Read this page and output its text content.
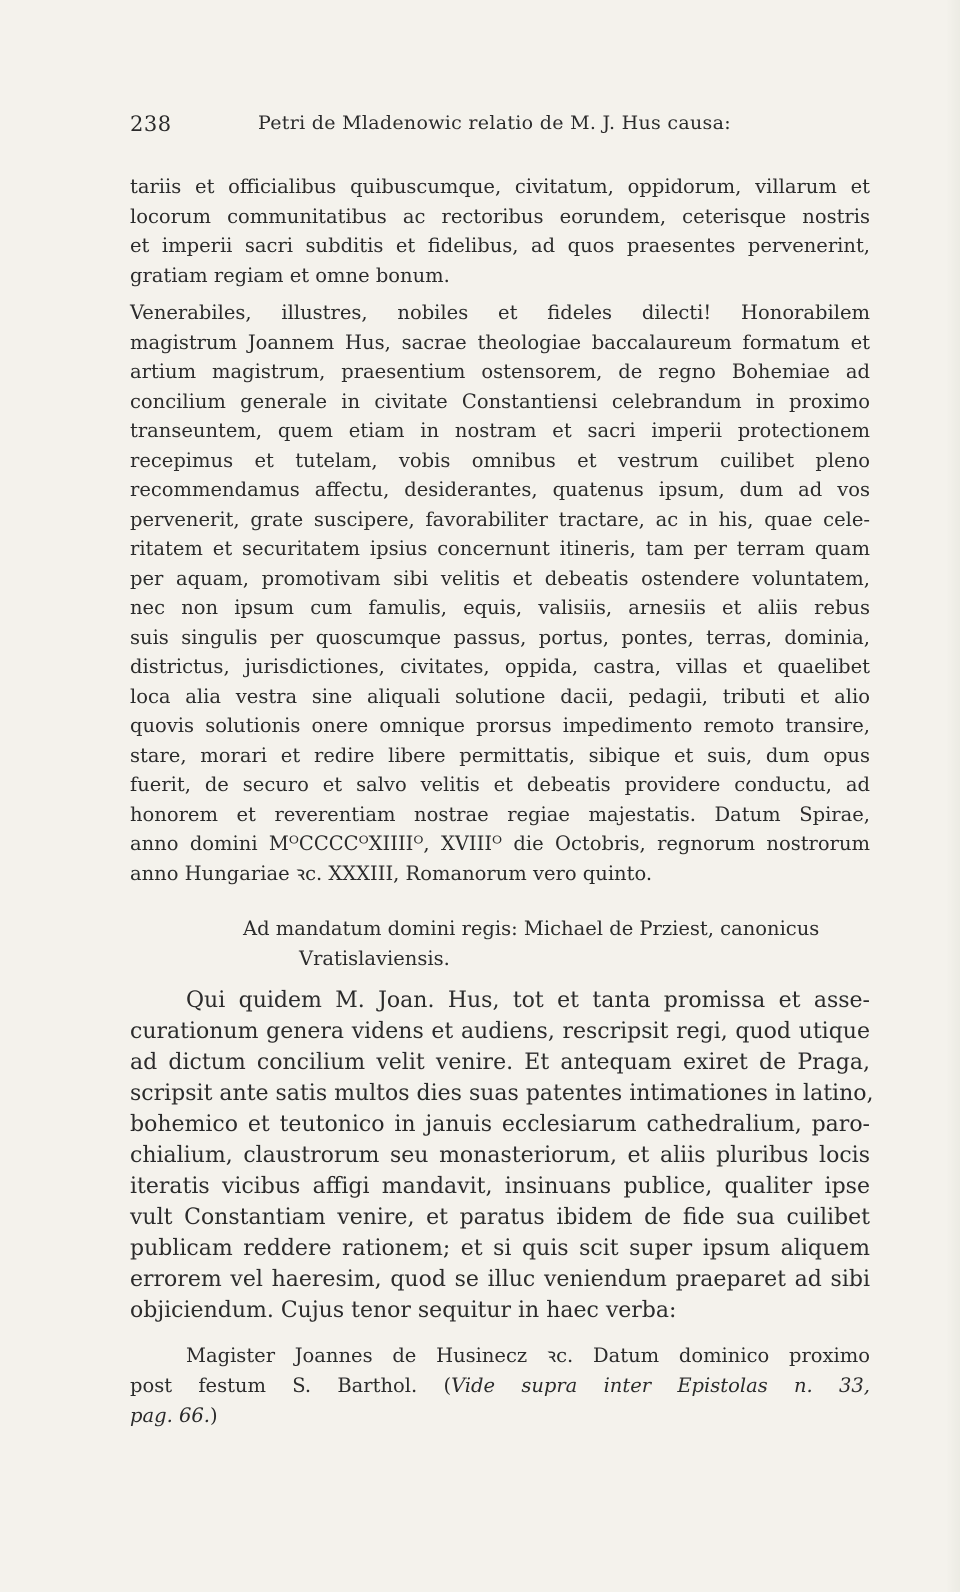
238	Petri de Mladenowic relatio de M. J. Hus causa:
tariis et officialibus quibuscumque, civitatum, oppidorum, villarum et
locorum communitatibus ac rectoribus eorundem, ceterisque nostris
et imperii sacri subditis et fidelibus, ad quos praesentes pervenerint,
gratiam regiam et omne bonum.
Venerabiles, illustres, nobiles et fideles dilecti! Honorabilem
magistrum Joannem Hus, sacrae theologiae baccalaureum formatum et
artium magistrum, praesentium ostensorem, de regno Bohemiae ad
concilium generale in civitate Constantiensi celebrandum in proximo
transeuntem, quem etiam in nostram et sacri imperii protectionem
recepimus et tutelam, vobis omnibus et vestrum cuilibet pleno
recommendamus affectu, desiderantes, quatenus ipsum, dum ad vos
pervenerit, grate suscipere, favorabiliter tractare, ac in his, quae cele-
ritatem et securitatem ipsius concernunt itineris, tam per terram quam
per aquam, promotivam sibi velitis et debeatis ostendere voluntatem,
nec non ipsum cum famulis, equis, valisiis, arnesiis et aliis rebus
suis singulis per quoscumque passus, portus, pontes, terras, dominia,
districtus, jurisdictiones, civitates, oppida, castra, villas et quaelibet
loca alia vestra sine aliquali solutione dacii, pedagii, tributi et alio
quovis solutionis onere omnique prorsus impedimento remoto transire,
stare, morari et redire libere permittatis, sibique et suis, dum opus
fuerit, de securo et salvo velitis et debeatis providere conductu, ad
honorem et reverentiam nostrae regiae majestatis. Datum Spirae,
anno domini MᴼCCCCᴼXIIIIᴼ, XVIIIᴼ die Octobris, regnorum nostrorum
anno Hungariae ꝛc. XXXIII, Romanorum vero quinto.
Ad mandatum domini regis: Michael de Prziest, canonicus
Vratislaviensis.
Qui quidem M. Joan. Hus, tot et tanta promissa et asse-
curationum genera videns et audiens, rescripsit regi, quod utique
ad dictum concilium velit venire. Et antequam exiret de Praga,
scripsit ante satis multos dies suas patentes intimationes in latino,
bohemico et teutonico in januis ecclesiarum cathedralium, paro-
chialium, claustrorum seu monasteriorum, et aliis pluribus locis
iteratis vicibus affigi mandavit, insinuans publice, qualiter ipse
vult Constantiam venire, et paratus ibidem de fide sua cuilibet
publicam reddere rationem; et si quis scit super ipsum aliquem
errorem vel haeresim, quod se illuc veniendum praeparet ad sibi
objiciendum. Cujus tenor sequitur in haec verba:
Magister Joannes de Husinecz ꝛc. Datum dominico proximo
post festum S. Barthol. (Vide supra inter Epistolas n. 33,
pag. 66.)
